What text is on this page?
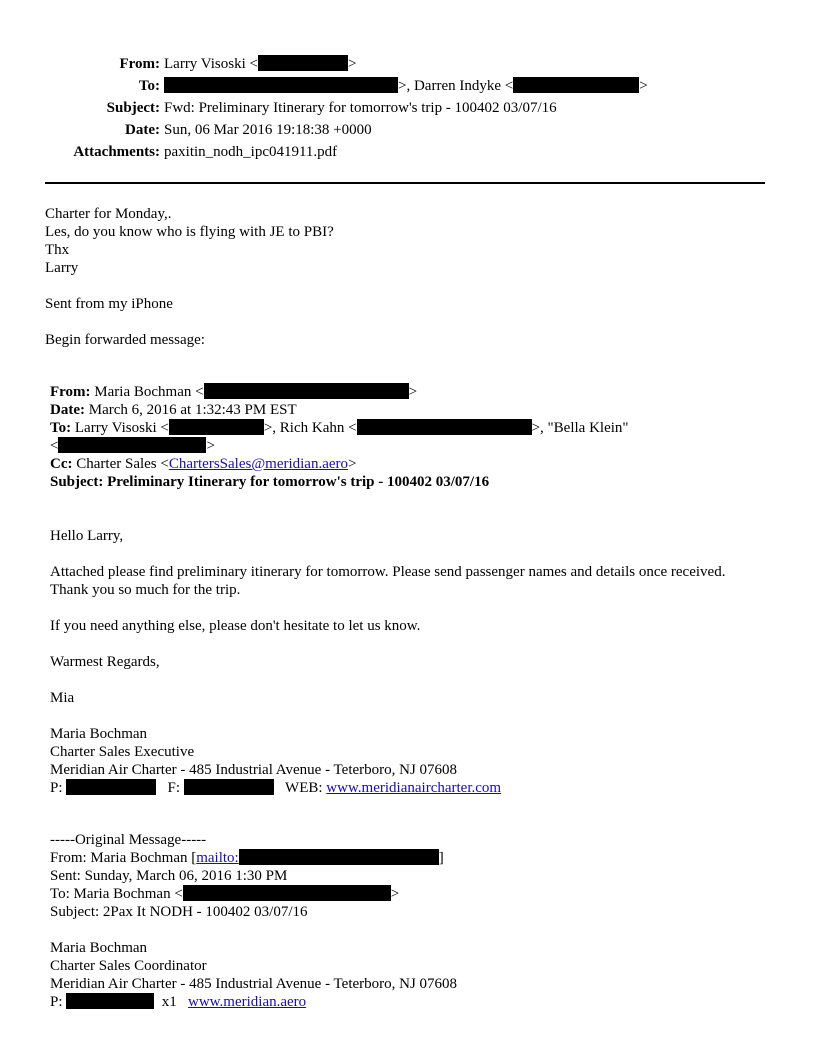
From: Larry Visoski <	>
To:	>, Darren Indyke <	>
Subject: Fwd: Preliminary Itinerary for tomorrow's trip - 100402 03/07/16
Date: Sun, 06 Mar 2016 19:18:38 +0000
Attachments: paxitin_nodh_ipc041911.pdf
Charter for Monday,.
Les, do you know who is flying with JE to PBI?
Thx
Larry
Sent from my iPhone
Begin forwarded message:
From: Maria Bochman <	>
Date: March 6, 2016 at 1:32:43 PM EST
To: Larry Visoski <	>, Rich Kahn <	>, "Bella Klein"
<	>
Cc: Charter Sales <ChartersSales@meridian.aero>
Subject: Preliminary Itinerary for tomorrow's trip - 100402 03/07/16
Hello Larry,
Attached please find preliminary itinerary for tomorrow. Please send passenger names and details once received. Thank you so much for the trip.
If you need anything else, please don't hesitate to let us know.
Warmest Regards,
Mia
Maria Bochman
Charter Sales Executive
Meridian Air Charter - 485 Industrial Avenue - Teterboro, NJ 07608
P:	F:	WEB: www.meridianaircharter.com
-----Original Message-----
From: Maria Bochman [mailto:	]
Sent: Sunday, March 06, 2016 1:30 PM
To: Maria Bochman <	>
Subject: 2Pax It NODH - 100402 03/07/16
Maria Bochman
Charter Sales Coordinator
Meridian Air Charter - 485 Industrial Avenue - Teterboro, NJ 07608
P:	x1 www.meridian.aero
